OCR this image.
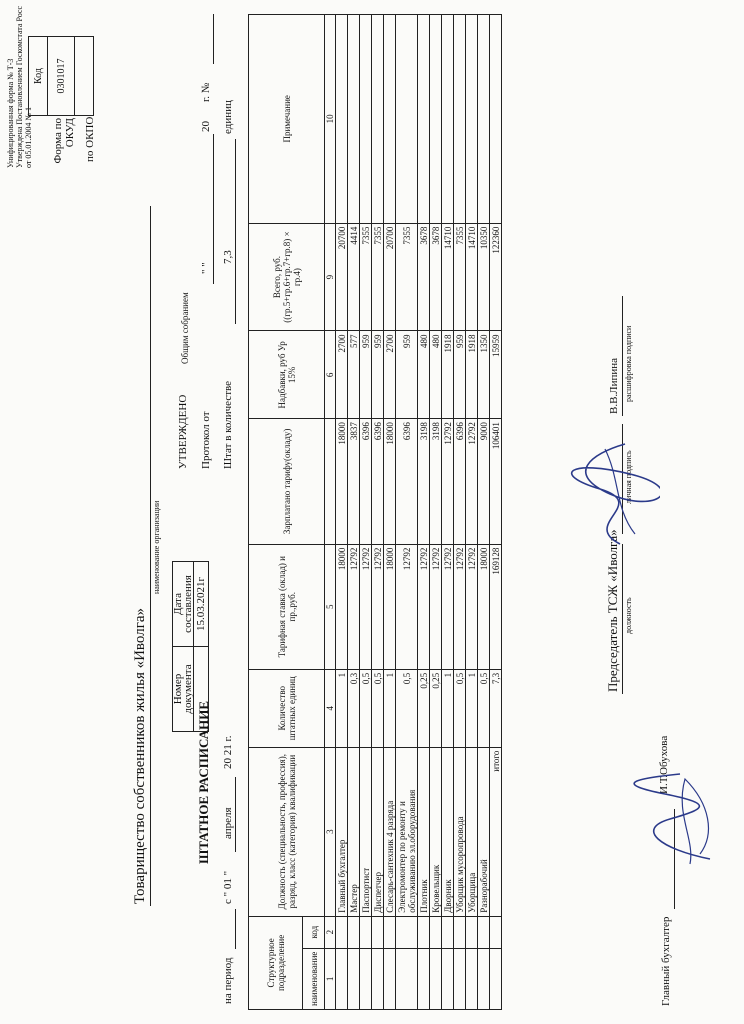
Унифицированная форма № Т-3 Утверждена Постановлением Госкомстата Росс от 05.01.2004 № 1 Форма по ОКУД по ОКПО
Код
0301017

Товарищество собственников жилья «Иволга»
наименование организации
ШТАТНОЕ РАСПИСАНИЕ
Номер документа	Дата составления
	15.03.2021г
УТВЕРЖДЕНО
Общим собранием
Протокол от
" "
20
г. №
Штат в количестве
7,3
единиц
на период
с " 01 "
апреля
20 21 г.
Структурное подразделение		Должность (специальность, профессия), разряд, класс (категория) квалификации	Количество штатных единиц	Тарифная ставка (оклад) и пр.,руб.	Зарплатано тарифу(окладу)	Надбавки, руб Ур 15%	Всего, руб. ((гр.5+гр.6+гр.7+гр.8) × гр.4)	Примечание
наименование	код							
1	2	3	4	5		6	9	10
		Главный бухгалтер	1	18000	18000	2700	20700	
		Мастер	0,3	12792	3837	577	4414	
		Паспортист	0,5	12792	6396	959	7355	
		Диспетчер	0,5	12792	6396	959	7355	
		Слесарь-сантехник 4 разряда	1	18000	18000	2700	20700	
		Электромонтер по ремонту и обслуживанию эл.оборудования	0,5	12792	6396	959	7355	
		Плотник	0,25	12792	3198	480	3678	
		Кровельщик	0,25	12792	3198	480	3678	
		Дворник	1	12792	12792	1918	14710	
		Уборщик мусоропровода	0,5	12792	6396	959	7355	
		Уборщица	1	12792	12792	1918	14710	
		Разнорабочий	0,5	18000	9000	1350	10350	
		итого	7,3	169128	106401	15959	122360	
Председатель ТСЖ «Иволга» должность
личная подпись
В.В.Липина расшифровка подписи
Главный бухгалтер
И.Т.Обухова
